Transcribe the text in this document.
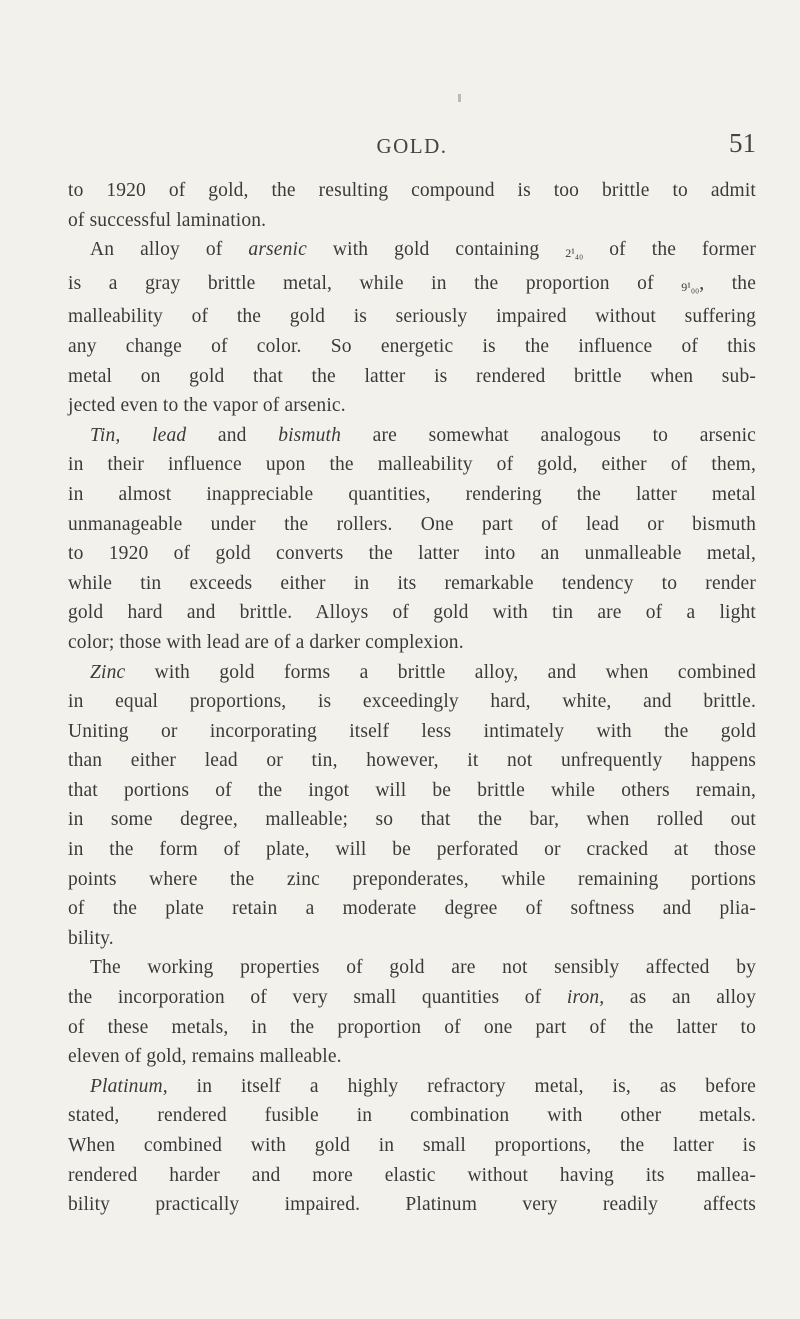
GOLD.	51
to 1920 of gold, the resulting compound is too brittle to admit
of successful lamination.
An alloy of arsenic with gold containing 2¹₄₀ of the former
is a gray brittle metal, while in the proportion of 9¹₀₀, the
malleability of the gold is seriously impaired without suffering
any change of color. So energetic is the influence of this
metal on gold that the latter is rendered brittle when sub-
jected even to the vapor of arsenic.
Tin, lead and bismuth are somewhat analogous to arsenic
in their influence upon the malleability of gold, either of them,
in almost inappreciable quantities, rendering the latter metal
unmanageable under the rollers. One part of lead or bismuth
to 1920 of gold converts the latter into an unmalleable metal,
while tin exceeds either in its remarkable tendency to render
gold hard and brittle. Alloys of gold with tin are of a light
color; those with lead are of a darker complexion.
Zinc with gold forms a brittle alloy, and when combined
in equal proportions, is exceedingly hard, white, and brittle.
Uniting or incorporating itself less intimately with the gold
than either lead or tin, however, it not unfrequently happens
that portions of the ingot will be brittle while others remain,
in some degree, malleable; so that the bar, when rolled out
in the form of plate, will be perforated or cracked at those
points where the zinc preponderates, while remaining portions
of the plate retain a moderate degree of softness and plia-
bility.
The working properties of gold are not sensibly affected by
the incorporation of very small quantities of iron, as an alloy
of these metals, in the proportion of one part of the latter to
eleven of gold, remains malleable.
Platinum, in itself a highly refractory metal, is, as before
stated, rendered fusible in combination with other metals.
When combined with gold in small proportions, the latter is
rendered harder and more elastic without having its mallea-
bility practically impaired. Platinum very readily affects
